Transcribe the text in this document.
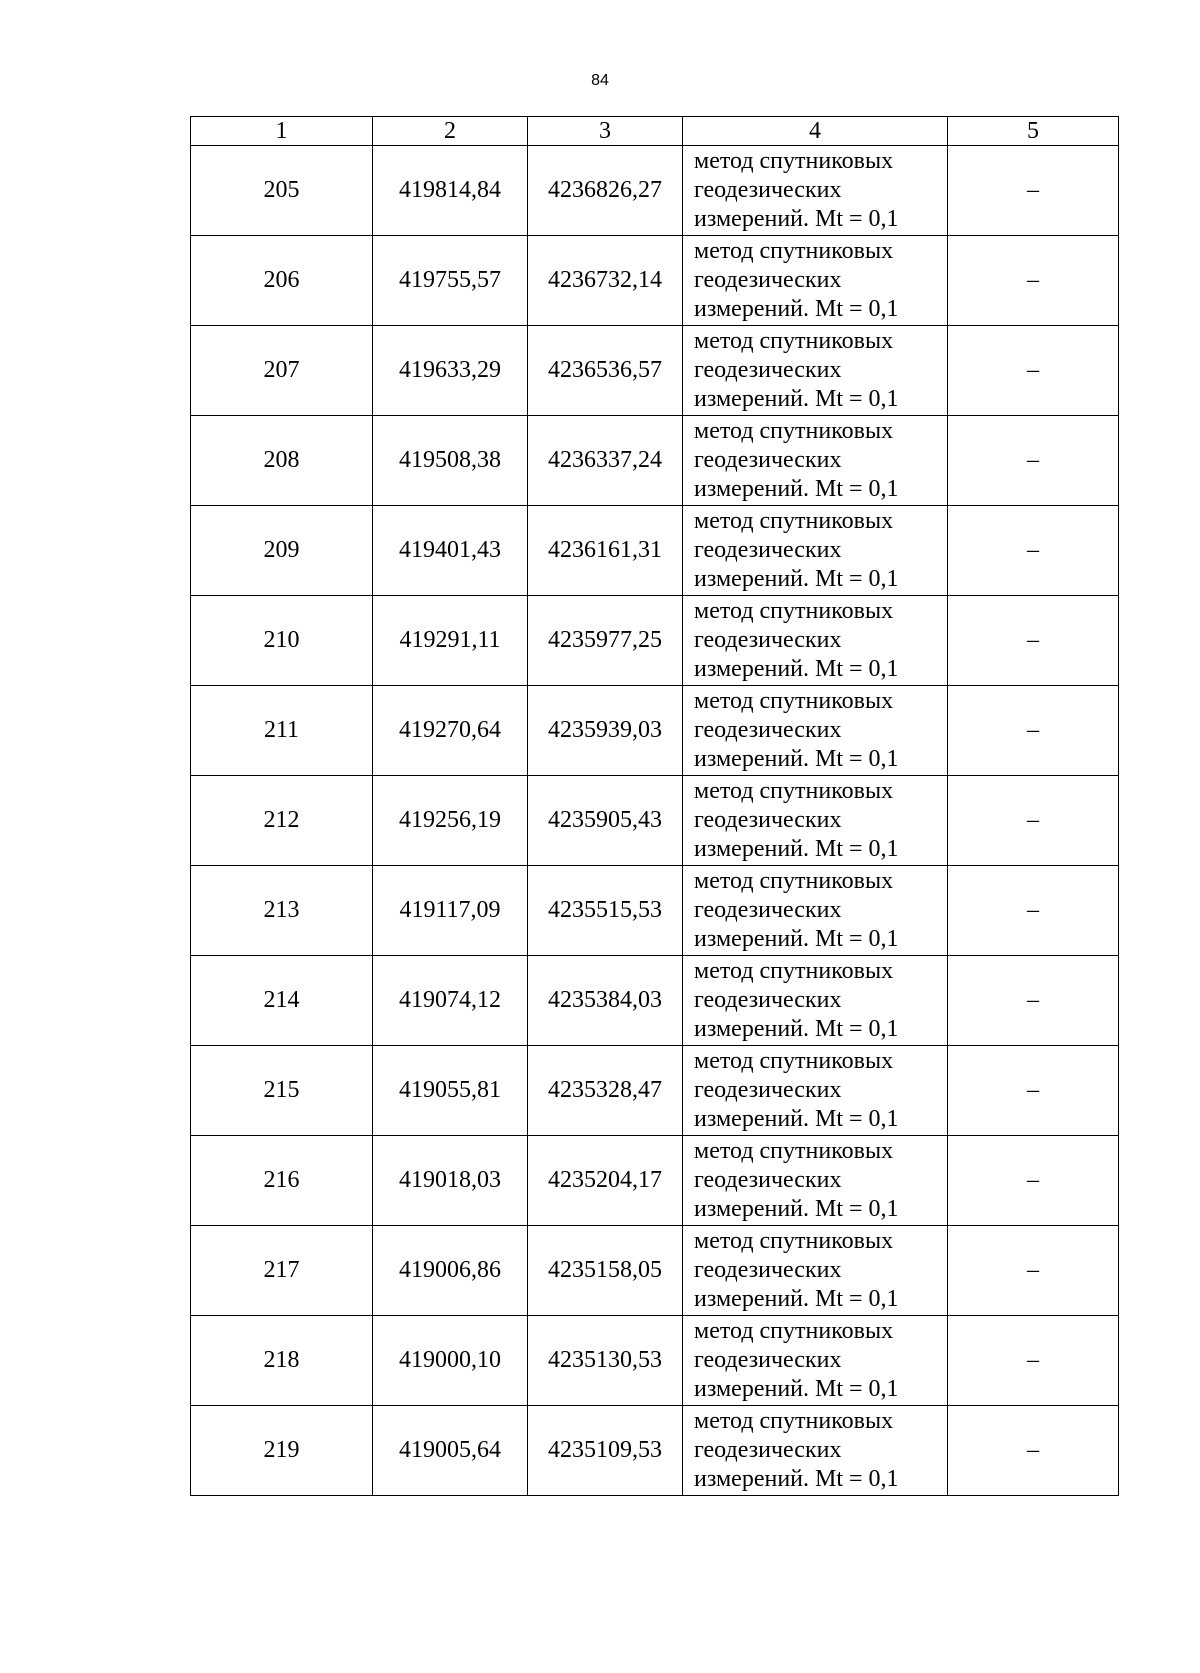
84
1	2	3	4	5
205	419814,84	4236826,27	метод спутниковых
геодезических
измерений. Mt = 0,1	–
206	419755,57	4236732,14	метод спутниковых
геодезических
измерений. Mt = 0,1	–
207	419633,29	4236536,57	метод спутниковых
геодезических
измерений. Mt = 0,1	–
208	419508,38	4236337,24	метод спутниковых
геодезических
измерений. Mt = 0,1	–
209	419401,43	4236161,31	метод спутниковых
геодезических
измерений. Mt = 0,1	–
210	419291,11	4235977,25	метод спутниковых
геодезических
измерений. Mt = 0,1	–
211	419270,64	4235939,03	метод спутниковых
геодезических
измерений. Mt = 0,1	–
212	419256,19	4235905,43	метод спутниковых
геодезических
измерений. Mt = 0,1	–
213	419117,09	4235515,53	метод спутниковых
геодезических
измерений. Mt = 0,1	–
214	419074,12	4235384,03	метод спутниковых
геодезических
измерений. Mt = 0,1	–
215	419055,81	4235328,47	метод спутниковых
геодезических
измерений. Mt = 0,1	–
216	419018,03	4235204,17	метод спутниковых
геодезических
измерений. Mt = 0,1	–
217	419006,86	4235158,05	метод спутниковых
геодезических
измерений. Mt = 0,1	–
218	419000,10	4235130,53	метод спутниковых
геодезических
измерений. Mt = 0,1	–
219	419005,64	4235109,53	метод спутниковых
геодезических
измерений. Mt = 0,1	–
